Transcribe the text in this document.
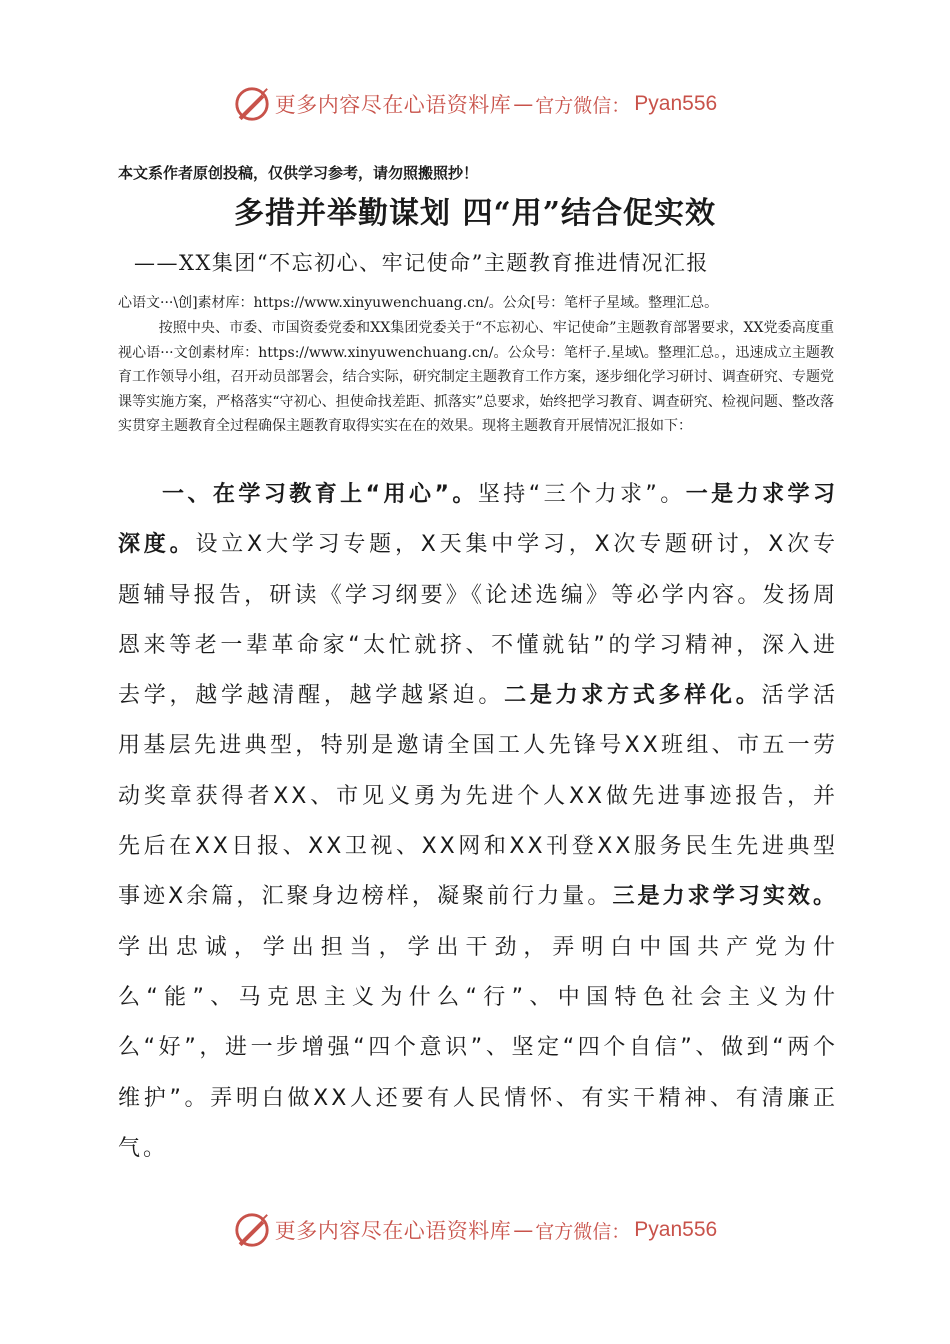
更多内容尽在心语资料库 — 官方微信： Pyan556
本文系作者原创投稿，仅供学习参考，请勿照搬照抄！
多措并举勤谋划 四“用”结合促实效
——XX集团“不忘初心、牢记使命”主题教育推进情况汇报
心语文···\创]素材库：https://www.xinyuwenchuang.cn/。公众[号：笔杆子星域。整理汇总。
按照中央、市委、市国资委党委和XX集团党委关于“不忘初心、牢记使命”主题教育部署要求，XX党委高度重视心语···文创素材库：https://www.xinyuwenchuang.cn/。公众号：笔杆子.星域\。整理汇总。，迅速成立主题教育工作领导小组，召开动员部署会，结合实际，研究制定主题教育工作方案，逐步细化学习研讨、调查研究、专题党课等实施方案，严格落实“守初心、担使命找差距、抓落实”总要求，始终把学习教育、调查研究、检视问题、整改落实贯穿主题教育全过程确保主题教育取得实实在在的效果。现将主题教育开展情况汇报如下：
一、在学习教育上“用心”。坚持“三个力求”。一是力求学习深度。设立X大学习专题，X天集中学习，X次专题研讨，X次专题辅导报告，研读《学习纲要》《论述选编》等必学内容。发扬周恩来等老一辈革命家“太忙就挤、不懂就钻”的学习精神，深入进去学，越学越清醒，越学越紧迫。二是力求方式多样化。活学活用基层先进典型，特别是邀请全国工人先锋号XX班组、市五一劳动奖章获得者XX、市见义勇为先进个人XX做先进事迹报告，并先后在XX日报、XX卫视、XX网和XX刊登XX服务民生先进典型事迹X余篇，汇聚身边榜样，凝聚前行力量。三是力求学习实效。学出忠诚，学出担当，学出干劲，弄明白中国共产党为什么“能”、马克思主义为什么“行”、中国特色社会主义为什么“好”，进一步增强“四个意识”、坚定“四个自信”、做到“两个维护”。弄明白做XX人还要有人民情怀、有实干精神、有清廉正气。
更多内容尽在心语资料库 — 官方微信： Pyan556
